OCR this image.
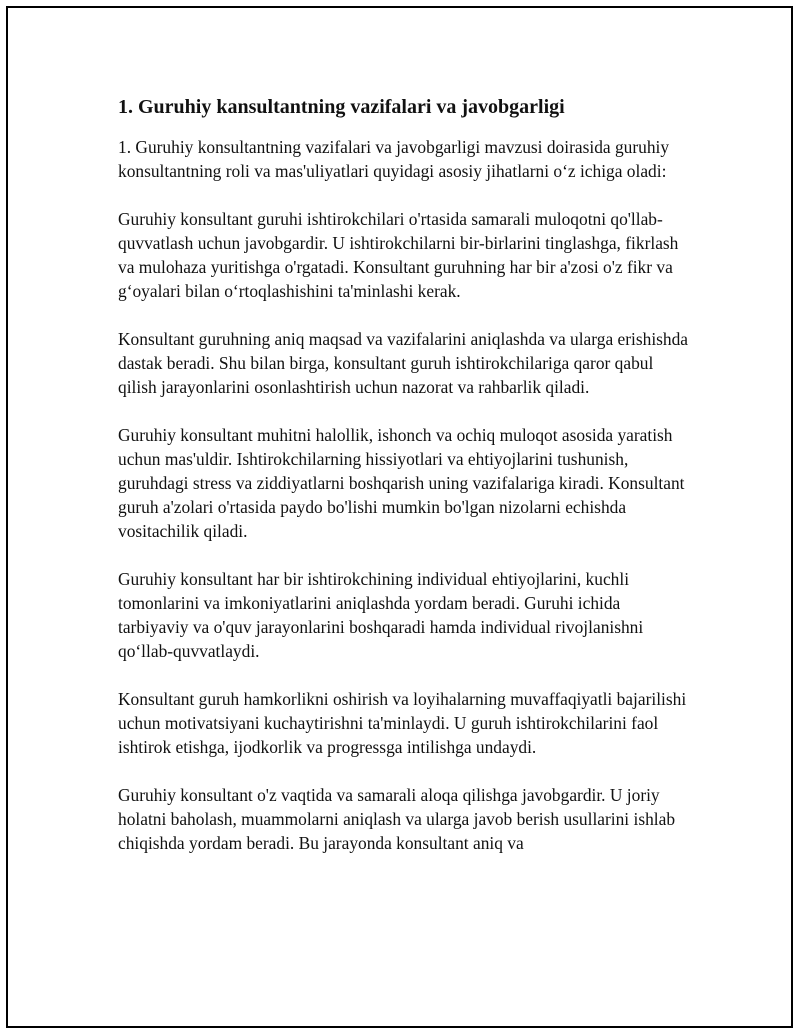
1. Guruhiy kansultantning vazifalari va javobgarligi

1. Guruhiy konsultantning vazifalari va javobgarligi mavzusi doirasida guruhiy konsultantning roli va mas'uliyatlari quyidagi asosiy jihatlarni o‘z ichiga oladi:

Guruhiy konsultant guruhi ishtirokchilari o'rtasida samarali muloqotni qo'llab-quvvatlash uchun javobgardir. U ishtirokchilarni bir-birlarini tinglashga, fikrlash va mulohaza yuritishga o'rgatadi. Konsultant guruhning har bir a'zosi o'z fikr va g‘oyalari bilan o‘rtoqlashishini ta'minlashi kerak.

Konsultant guruhning aniq maqsad va vazifalarini aniqlashda va ularga erishishda dastak beradi. Shu bilan birga, konsultant guruh ishtirokchilariga qaror qabul qilish jarayonlarini osonlashtirish uchun nazorat va rahbarlik qiladi.

Guruhiy konsultant muhitni halollik, ishonch va ochiq muloqot asosida yaratish uchun mas'uldir. Ishtirokchilarning hissiyotlari va ehtiyojlarini tushunish, guruhdagi stress va ziddiyatlarni boshqarish uning vazifalariga kiradi. Konsultant guruh a'zolari o'rtasida paydo bo'lishi mumkin bo'lgan nizolarni echishda vositachilik qiladi.

Guruhiy konsultant har bir ishtirokchining individual ehtiyojlarini, kuchli tomonlarini va imkoniyatlarini aniqlashda yordam beradi. Guruhi ichida tarbiyaviy va o'quv jarayonlarini boshqaradi hamda individual rivojlanishni qo‘llab-quvvatlaydi.

Konsultant guruh hamkorlikni oshirish va loyihalarning muvaffaqiyatli bajarilishi uchun motivatsiyani kuchaytirishni ta'minlaydi. U guruh ishtirokchilarini faol ishtirok etishga, ijodkorlik va progressga intilishga undaydi.

Guruhiy konsultant o'z vaqtida va samarali aloqa qilishga javobgardir. U joriy holatni baholash, muammolarni aniqlash va ularga javob berish usullarini ishlab chiqishda yordam beradi. Bu jarayonda konsultant aniq va
